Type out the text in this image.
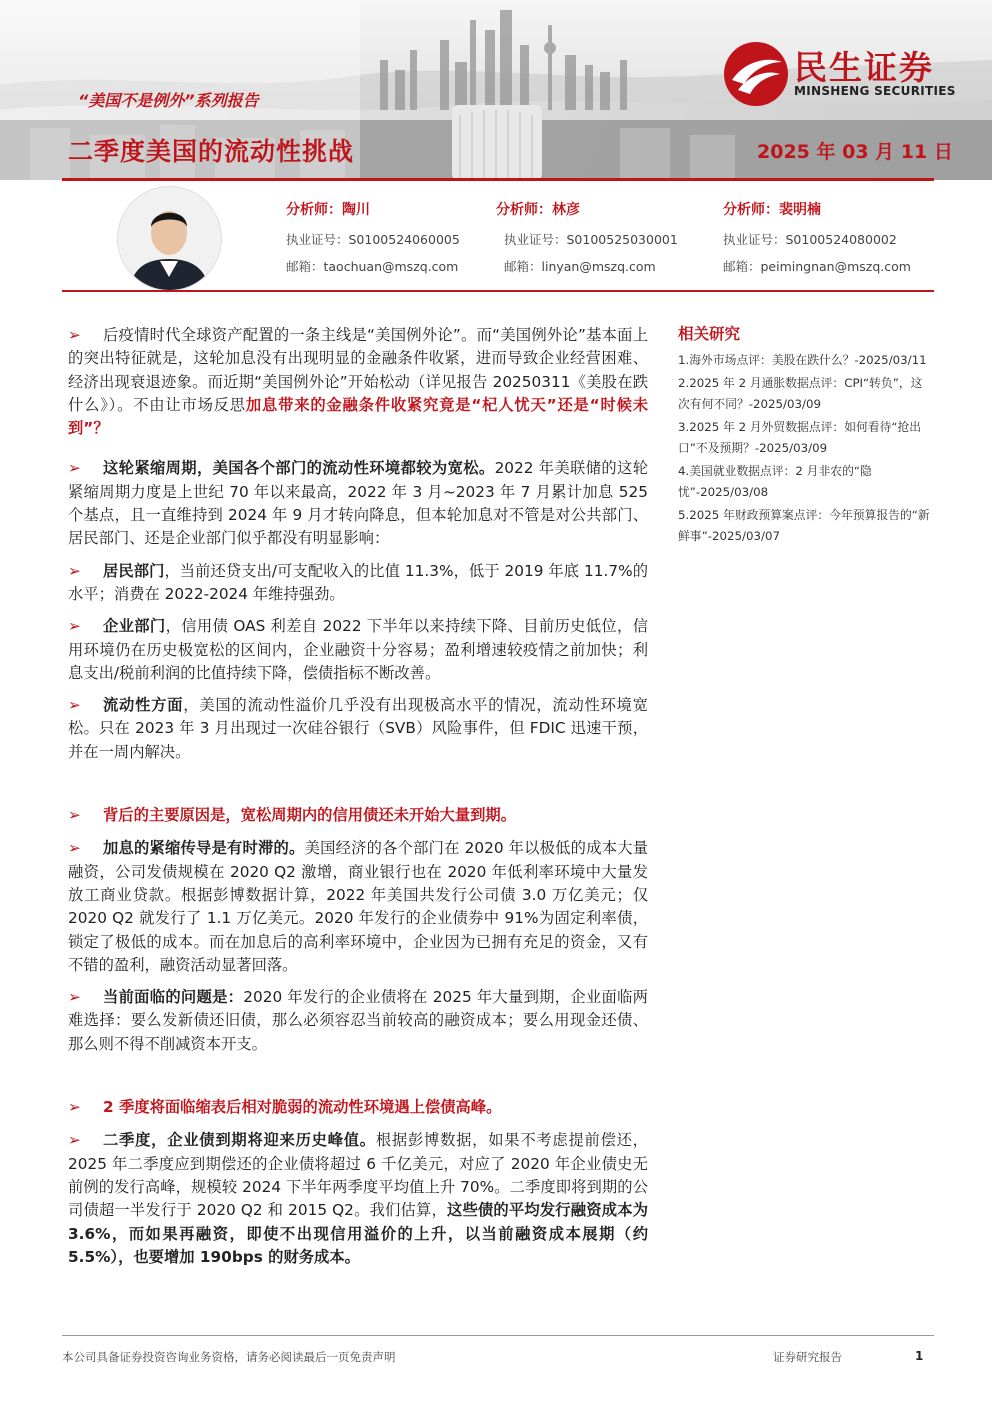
民生证券
MINSHENG SECURITIES
“美国不是例外”系列报告
二季度美国的流动性挑战	2025 年 03 月 11 日
分析师：陶川
执业证号：S0100524060005
邮箱：taochuan@mszq.com
分析师：林彦
执业证号：S0100525030001
邮箱：linyan@mszq.com
分析师：裴明楠
执业证号：S0100524080002
邮箱：peimingnan@mszq.com
➢ 后疫情时代全球资产配置的一条主线是“美国例外论”。而“美国例外论”基本面上的突出特征就是，这轮加息没有出现明显的金融条件收紧，进而导致企业经营困难、经济出现衰退迹象。而近期“美国例外论”开始松动（详见报告 20250311《美股在跌什么》）。不由让市场反思加息带来的金融条件收紧究竟是“杞人忧天”还是“时候未到”？
➢ 这轮紧缩周期，美国各个部门的流动性环境都较为宽松。2022 年美联储的这轮紧缩周期力度是上世纪 70 年以来最高，2022 年 3 月~2023 年 7 月累计加息 525 个基点，且一直维持到 2024 年 9 月才转向降息，但本轮加息对不管是对公共部门、居民部门、还是企业部门似乎都没有明显影响：
➢ 居民部门，当前还贷支出/可支配收入的比值 11.3%，低于 2019 年底 11.7%的水平；消费在 2022-2024 年维持强劲。
➢ 企业部门，信用债 OAS 利差自 2022 下半年以来持续下降、目前历史低位，信用环境仍在历史极宽松的区间内，企业融资十分容易；盈利增速较疫情之前加快；利息支出/税前利润的比值持续下降，偿债指标不断改善。
➢ 流动性方面，美国的流动性溢价几乎没有出现极高水平的情况，流动性环境宽松。只在 2023 年 3 月出现过一次硅谷银行（SVB）风险事件，但 FDIC 迅速干预，并在一周内解决。
➢ 背后的主要原因是，宽松周期内的信用债还未开始大量到期。
➢ 加息的紧缩传导是有时滞的。美国经济的各个部门在 2020 年以极低的成本大量融资，公司发债规模在 2020 Q2 激增，商业银行也在 2020 年低利率环境中大量发放工商业贷款。根据彭博数据计算，2022 年美国共发行公司债 3.0 万亿美元；仅 2020 Q2 就发行了 1.1 万亿美元。2020 年发行的企业债券中 91%为固定利率债，锁定了极低的成本。而在加息后的高利率环境中，企业因为已拥有充足的资金，又有不错的盈利，融资活动显著回落。
➢ 当前面临的问题是：2020 年发行的企业债将在 2025 年大量到期，企业面临两难选择：要么发新债还旧债，那么必须容忍当前较高的融资成本；要么用现金还债、那么则不得不削减资本开支。
➢ 2 季度将面临缩表后相对脆弱的流动性环境遇上偿债高峰。
➢ 二季度，企业债到期将迎来历史峰值。根据彭博数据，如果不考虑提前偿还，2025 年二季度应到期偿还的企业债将超过 6 千亿美元，对应了 2020 年企业债史无前例的发行高峰，规模较 2024 下半年两季度平均值上升 70%。二季度即将到期的公司债超一半发行于 2020 Q2 和 2015 Q2。我们估算，这些债的平均发行融资成本为 3.6%，而如果再融资，即使不出现信用溢价的上升，以当前融资成本展期（约 5.5%），也要增加 190bps 的财务成本。
相关研究
1.海外市场点评：美股在跌什么？-2025/03/11
2.2025 年 2 月通胀数据点评：CPI“转负”，这次有何不同？-2025/03/09
3.2025 年 2 月外贸数据点评：如何看待“抢出口”不及预期？-2025/03/09
4.美国就业数据点评：2 月非农的“隐忧”-2025/03/08
5.2025 年财政预算案点评：今年预算报告的“新鲜事”-2025/03/07
本公司具备证券投资咨询业务资格，请务必阅读最后一页免责声明	证券研究报告	1
